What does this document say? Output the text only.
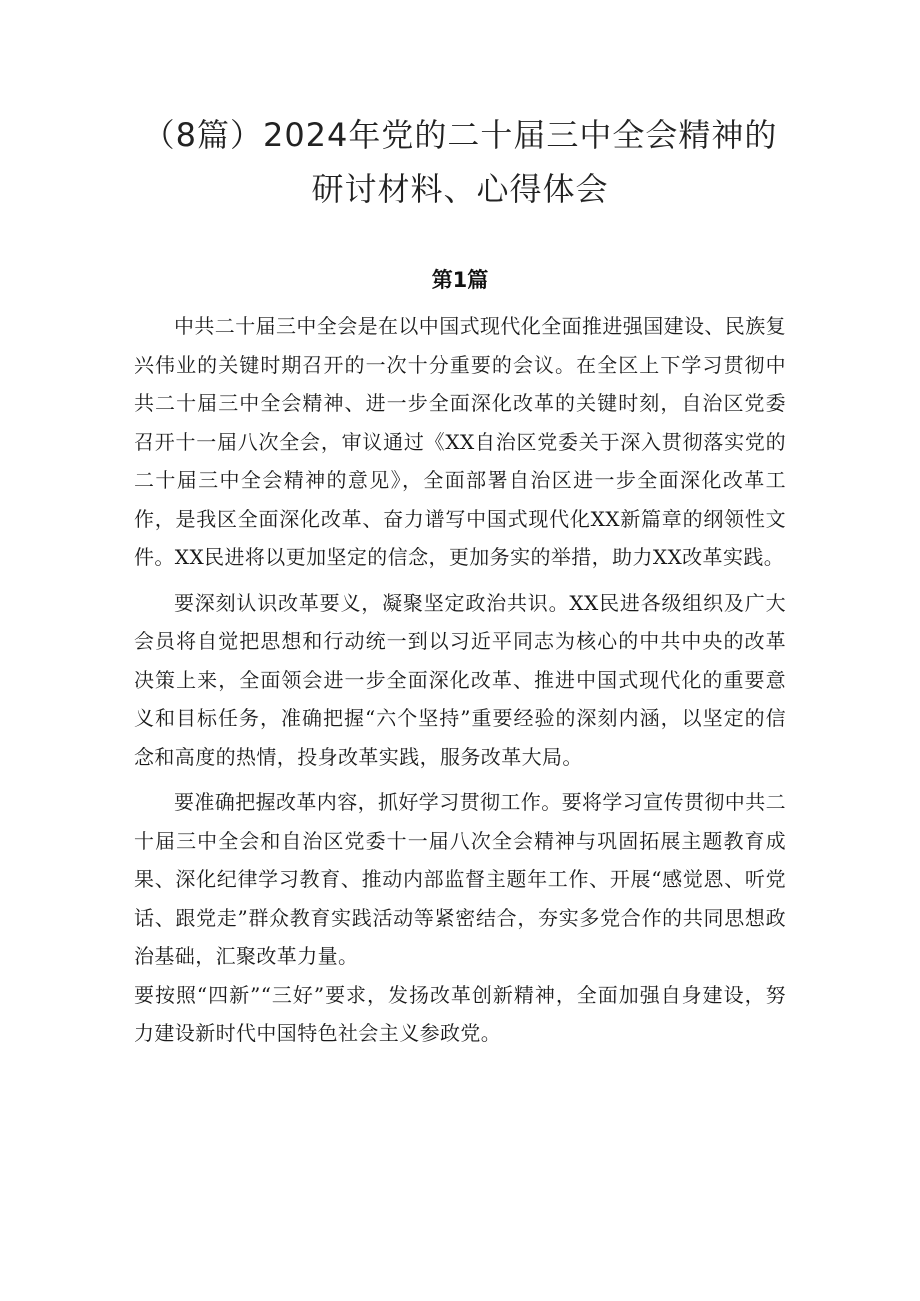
（8篇）2024年党的二十届三中全会精神的
研讨材料、心得体会
第1篇

中共二十届三中全会是在以中国式现代化全面推进强国建设、民族复兴伟业的关键时期召开的一次十分重要的会议。在全区上下学习贯彻中共二十届三中全会精神、进一步全面深化改革的关键时刻，自治区党委召开十一届八次全会，审议通过《XX自治区党委关于深入贯彻落实党的二十届三中全会精神的意见》，全面部署自治区进一步全面深化改革工作，是我区全面深化改革、奋力谱写中国式现代化XX新篇章的纲领性文件。XX民进将以更加坚定的信念，更加务实的举措，助力XX改革实践。

要深刻认识改革要义，凝聚坚定政治共识。XX民进各级组织及广大会员将自觉把思想和行动统一到以习近平同志为核心的中共中央的改革决策上来，全面领会进一步全面深化改革、推进中国式现代化的重要意义和目标任务，准确把握“六个坚持”重要经验的深刻内涵，以坚定的信念和高度的热情，投身改革实践，服务改革大局。

要准确把握改革内容，抓好学习贯彻工作。要将学习宣传贯彻中共二十届三中全会和自治区党委十一届八次全会精神与巩固拓展主题教育成果、深化纪律学习教育、推动内部监督主题年工作、开展“感觉恩、听党话、跟党走”群众教育实践活动等紧密结合，夯实多党合作的共同思想政治基础，汇聚改革力量。

要按照“四新”“三好”要求，发扬改革创新精神，全面加强自身建设，努力建设新时代中国特色社会主义参政党。
